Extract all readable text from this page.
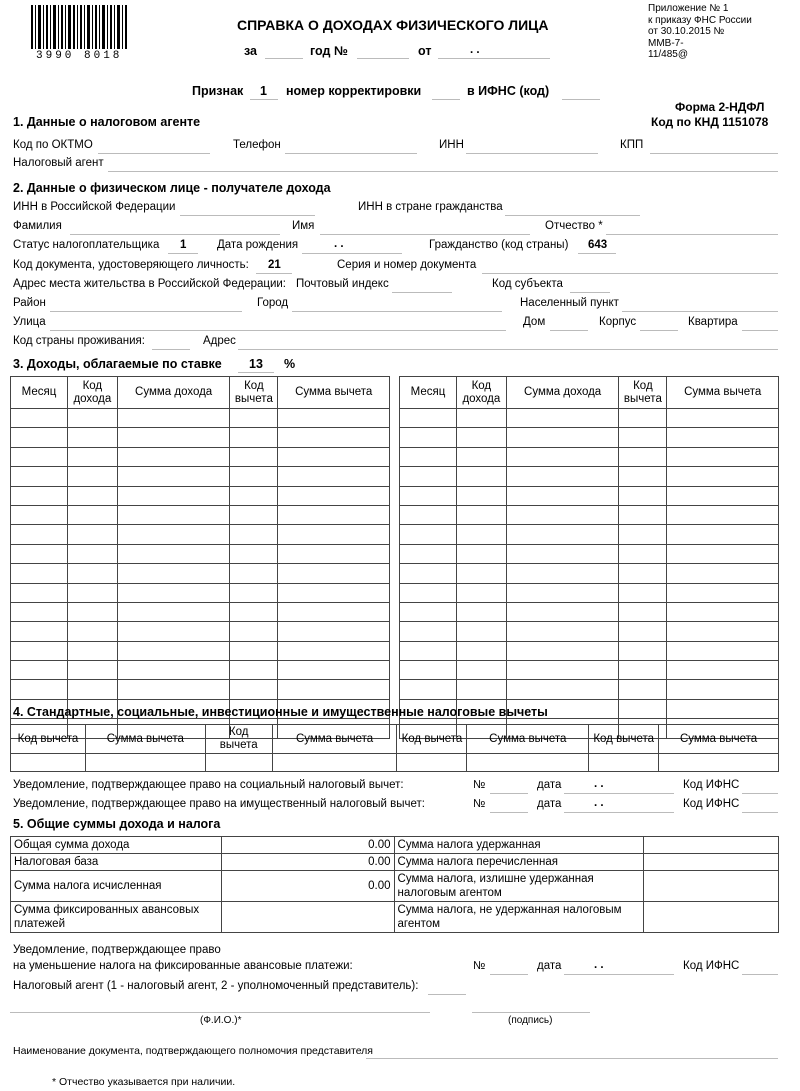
3990 8018
СПРАВКА О ДОХОДАХ ФИЗИЧЕСКОГО ЛИЦА
за	год №	от	. .
Приложение № 1
к приказу ФНС России
от 30.10.2015 № ММВ-7-
11/485@
Признак 1 номер корректировки	в ИФНС (код)
Форма 2-НДФЛ
Код по КНД 1151078
1. Данные о налоговом агенте
Код по ОКТМО	Телефон	ИНН	КПП
Налоговый агент
2. Данные о физическом лице - получателе дохода
ИНН в Российской Федерации	ИНН в стране гражданства
Фамилия	Имя	Отчество *
Статус налогоплательщика 1	Дата рождения	. .	Гражданство (код страны) 643
Код документа, удостоверяющего личность: 21	Серия и номер документа
Адрес места жительства в Российской Федерации: Почтовый индекс	Код субъекта
Район	Город	Населенный пункт
Улица	Дом	Корпус	Квартира
Код страны проживания:	Адрес
3. Доходы, облагаемые по ставке 13 %
Месяц	Код дохода	Сумма дохода	Код вычета	Сумма вычета

					Месяц	Код дохода	Сумма дохода	Код вычета	Сумма вычета

4. Стандартные, социальные, инвестиционные и имущественные налоговые вычеты
Код вычета	Сумма вычета	Код вычета	Сумма вычета	Код вычета	Сумма вычета	Код вычета	Сумма вычета

Уведомление, подтверждающее право на социальный налоговый вычет:	№	дата	. .	Код ИФНС
Уведомление, подтверждающее право на имущественный налоговый вычет:	№	дата	. .	Код ИФНС
5. Общие суммы дохода и налога
Общая сумма дохода	0.00	Сумма налога удержанная	
Налоговая база	0.00	Сумма налога перечисленная	
Сумма налога исчисленная	0.00	Сумма налога, излишне удержанная налоговым агентом	
Сумма фиксированных авансовых платежей		Сумма налога, не удержанная налоговым агентом	
Уведомление, подтверждающее право
на уменьшение налога на фиксированные авансовые платежи:	№	дата	. .	Код ИФНС
Налоговый агент (1 - налоговый агент, 2 - уполномоченный представитель):
(Ф.И.О.)*	(подпись)
Наименование документа, подтверждающего полномочия представителя
* Отчество указывается при наличии.
